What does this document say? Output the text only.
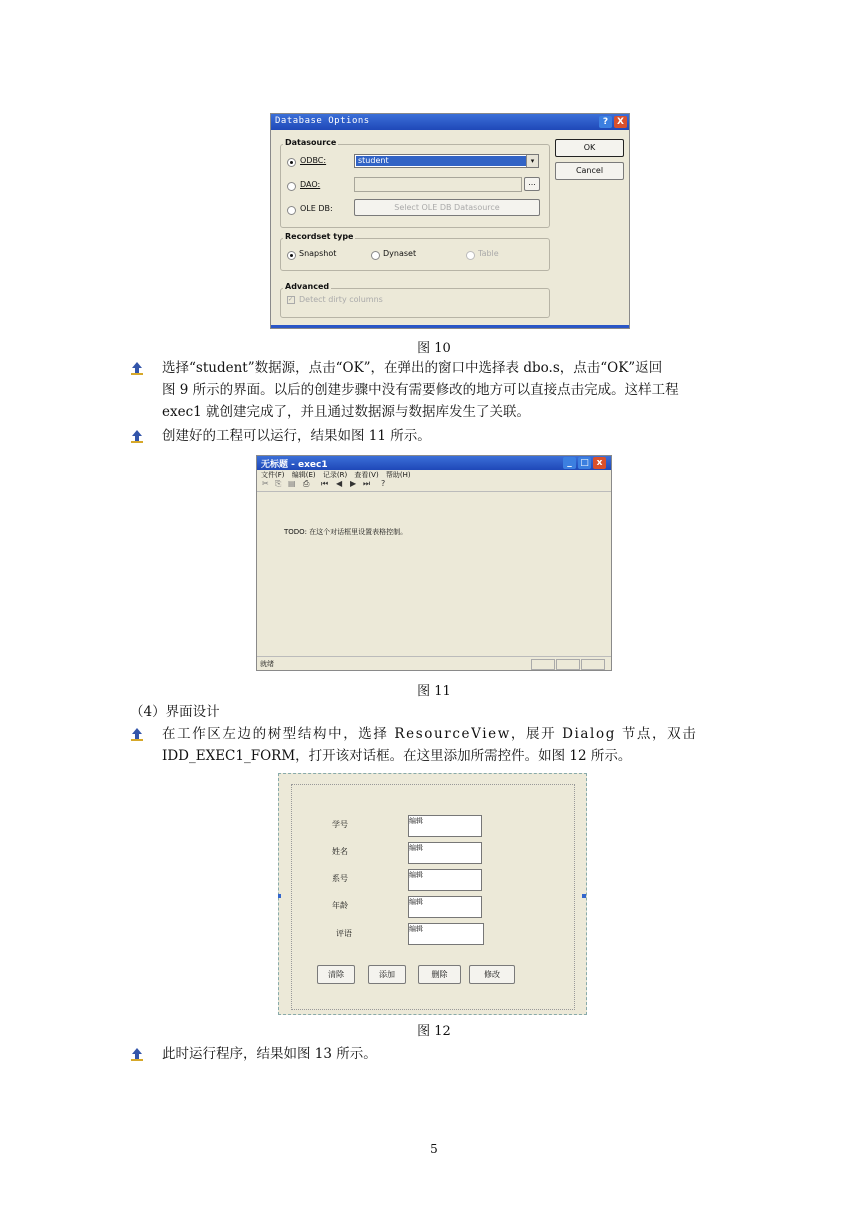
Database Options	? X
Datasource
ODBC:	student	▾
DAO:	...
OLE DB:	Select OLE DB Datasource
Recordset type
Snapshot	Dynaset	Table
Advanced
✓ Detect dirty columns
OK
Cancel
图 10
选择“student”数据源，点击“OK”，在弹出的窗口中选择表 dbo.s，点击“OK”返回
图 9 所示的界面。以后的创建步骤中没有需要修改的地方可以直接点击完成。这样工程
exec1 就创建完成了，并且通过数据源与数据库发生了关联。
创建好的工程可以运行，结果如图 11 所示。
无标题 - exec1	_ □ x
文件(F) 编辑(E) 记录(R) 查看(V) 帮助(H)
✂ ⎘ ▤ ⎙ ⏮ ◀ ▶ ⏭ ?
TODO: 在这个对话框里设置表格控制。
就绪
图 11
（4）界面设计
在工作区左边的树型结构中，选择 ResourceView，展开 Dialog 节点，双击
IDD_EXEC1_FORM，打开该对话框。在这里添加所需控件。如图 12 所示。
学号	编辑
姓名	编辑
系号	编辑
年龄	编辑
评语	编辑
清除	添加	删除	修改
图 12
此时运行程序，结果如图 13 所示。
5
